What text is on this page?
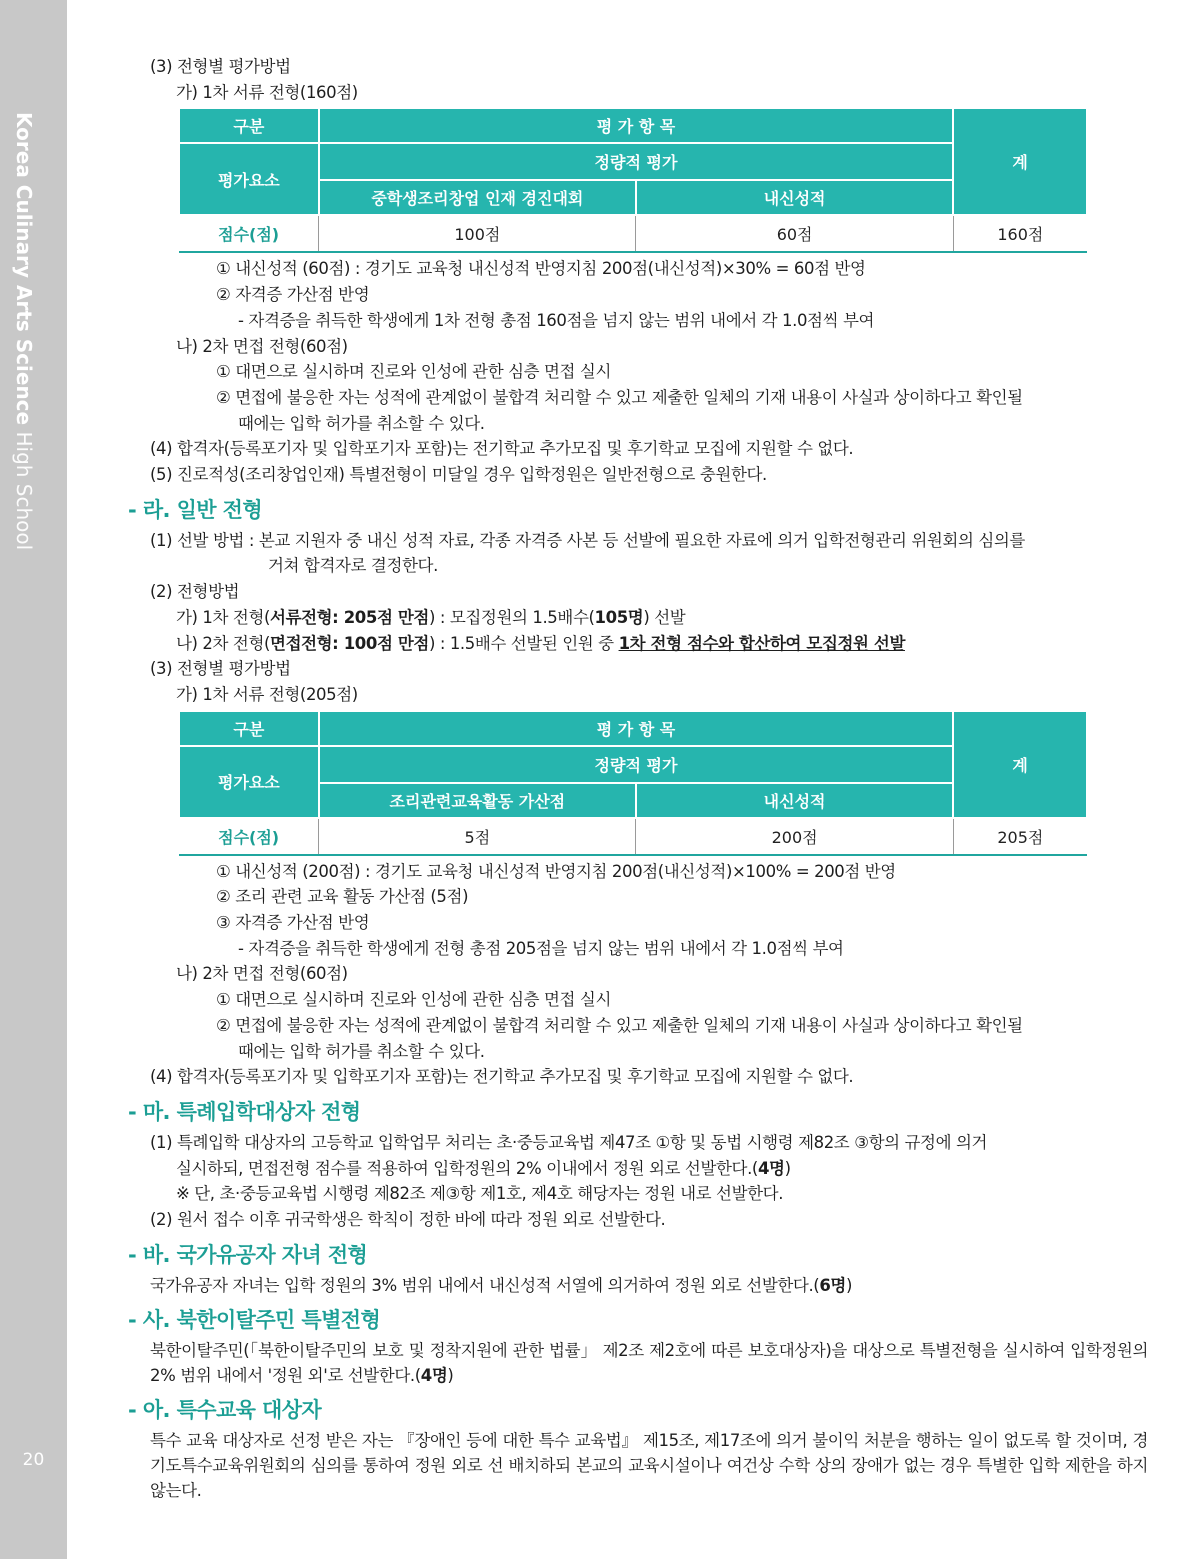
Korea Culinary Arts Science High School
20
(3) 전형별 평가방법
가) 1차 서류 전형(160점)
구분	평 가 항 목		계
평가요소	정량적 평가		
	중학생조리창업 인재 경진대회	내신성적	
점수(점)	100점	60점	160점
① 내신성적 (60점) : 경기도 교육청 내신성적 반영지침 200점(내신성적)×30% = 60점 반영
② 자격증 가산점 반영
- 자격증을 취득한 학생에게 1차 전형 총점 160점을 넘지 않는 범위 내에서 각 1.0점씩 부여
나) 2차 면접 전형(60점)
① 대면으로 실시하며 진로와 인성에 관한 심층 면접 실시
② 면접에 불응한 자는 성적에 관계없이 불합격 처리할 수 있고 제출한 일체의 기재 내용이 사실과 상이하다고 확인될
때에는 입학 허가를 취소할 수 있다.
(4) 합격자(등록포기자 및 입학포기자 포함)는 전기학교 추가모집 및 후기학교 모집에 지원할 수 없다.
(5) 진로적성(조리창업인재) 특별전형이 미달일 경우 입학정원은 일반전형으로 충원한다.
- 라. 일반 전형
(1) 선발 방법 : 본교 지원자 중 내신 성적 자료, 각종 자격증 사본 등 선발에 필요한 자료에 의거 입학전형관리 위원회의 심의를
거쳐 합격자로 결정한다.
(2) 전형방법
가) 1차 전형(서류전형: 205점 만점) : 모집정원의 1.5배수(105명) 선발
나) 2차 전형(면접전형: 100점 만점) : 1.5배수 선발된 인원 중 1차 전형 점수와 합산하여 모집정원 선발
(3) 전형별 평가방법
가) 1차 서류 전형(205점)
구분	평 가 항 목		계
평가요소	정량적 평가		
	조리관련교육활동 가산점	내신성적	
점수(점)	5점	200점	205점
① 내신성적 (200점) : 경기도 교육청 내신성적 반영지침 200점(내신성적)×100% = 200점 반영
② 조리 관련 교육 활동 가산점 (5점)
③ 자격증 가산점 반영
- 자격증을 취득한 학생에게 전형 총점 205점을 넘지 않는 범위 내에서 각 1.0점씩 부여
나) 2차 면접 전형(60점)
① 대면으로 실시하며 진로와 인성에 관한 심층 면접 실시
② 면접에 불응한 자는 성적에 관계없이 불합격 처리할 수 있고 제출한 일체의 기재 내용이 사실과 상이하다고 확인될
때에는 입학 허가를 취소할 수 있다.
(4) 합격자(등록포기자 및 입학포기자 포함)는 전기학교 추가모집 및 후기학교 모집에 지원할 수 없다.
- 마. 특례입학대상자 전형
(1) 특례입학 대상자의 고등학교 입학업무 처리는 초·중등교육법 제47조 ①항 및 동법 시행령 제82조 ③항의 규정에 의거
실시하되, 면접전형 점수를 적용하여 입학정원의 2% 이내에서 정원 외로 선발한다.(4명)
※ 단, 초·중등교육법 시행령 제82조 제③항 제1호, 제4호 해당자는 정원 내로 선발한다.
(2) 원서 접수 이후 귀국학생은 학칙이 정한 바에 따라 정원 외로 선발한다.
- 바. 국가유공자 자녀 전형
국가유공자 자녀는 입학 정원의 3% 범위 내에서 내신성적 서열에 의거하여 정원 외로 선발한다.(6명)
- 사. 북한이탈주민 특별전형
북한이탈주민(「북한이탈주민의 보호 및 정착지원에 관한 법률」 제2조 제2호에 따른 보호대상자)을 대상으로 특별전형을 실시하여 입학정원의 2% 범위 내에서 '정원 외'로 선발한다.(4명)
- 아. 특수교육 대상자
특수 교육 대상자로 선정 받은 자는 『장애인 등에 대한 특수 교육법』 제15조, 제17조에 의거 불이익 처분을 행하는 일이 없도록 할 것이며, 경기도특수교육위원회의 심의를 통하여 정원 외로 선 배치하되 본교의 교육시설이나 여건상 수학 상의 장애가 없는 경우 특별한 입학 제한을 하지 않는다.
